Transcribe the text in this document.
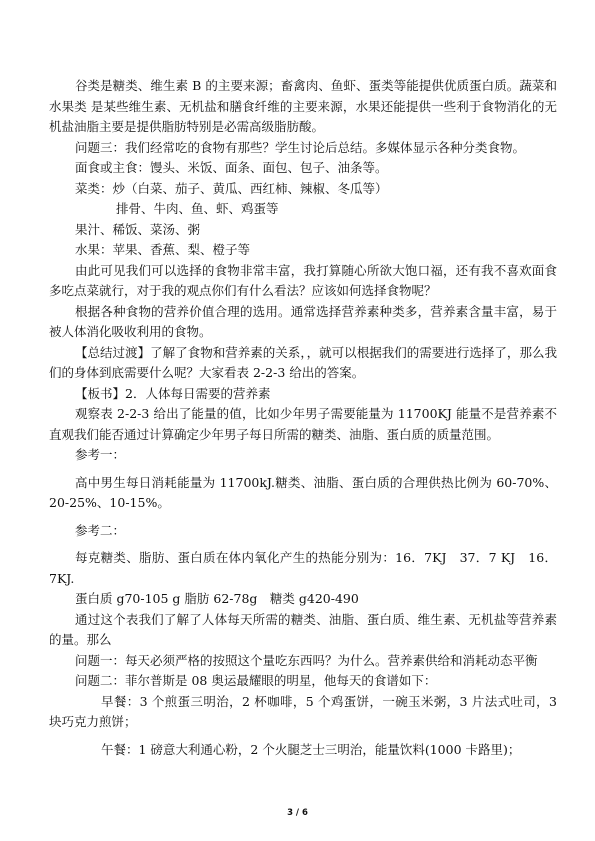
谷类是糖类、维生素 B 的主要来源；畜禽肉、鱼虾、蛋类等能提供优质蛋白质。蔬菜和水果类 是某些维生素、无机盐和膳食纤维的主要来源，水果还能提供一些利于食物消化的无机盐油脂主要是提供脂肪特别是必需高级脂肪酸。

问题三：我们经常吃的食物有那些？学生讨论后总结。多媒体显示各种分类食物。

面食或主食：馒头、米饭、面条、面包、包子、油条等。

菜类：炒（白菜、茄子、黄瓜、西红柿、辣椒、冬瓜等）

排骨、牛肉、鱼、虾、鸡蛋等

果汁、稀饭、菜汤、粥

水果：苹果、香蕉、梨、橙子等

由此可见我们可以选择的食物非常丰富，我打算随心所欲大饱口福，还有我不喜欢面食多吃点菜就行，对于我的观点你们有什么看法？应该如何选择食物呢？

根据各种食物的营养价值合理的选用。通常选择营养素种类多，营养素含量丰富，易于被人体消化吸收利用的食物。

【总结过渡】了解了食物和营养素的关系，，就可以根据我们的需要进行选择了，那么我们的身体到底需要什么呢？大家看表 2-2-3 给出的答案。

【板书】2．人体每日需要的营养素

观察表 2-2-3 给出了能量的值，比如少年男子需要能量为 11700KJ 能量不是营养素不直观我们能否通过计算确定少年男子每日所需的糖类、油脂、蛋白质的质量范围。

参考一：

高中男生每日消耗能量为 11700kJ.糖类、油脂、蛋白质的合理供热比例为 60-70%、20-25%、10-15%。

参考二：

每克糖类、脂肪、蛋白质在体内氧化产生的热能分别为：16．7KJ　37．7 KJ　16．7KJ.

蛋白质 g70-105 g 脂肪 62-78g　糖类 g420-490

通过这个表我们了解了人体每天所需的糖类、油脂、蛋白质、维生素、无机盐等营养素的量。那么

问题一：每天必须严格的按照这个量吃东西吗？为什么。营养素供给和消耗动态平衡

问题二：菲尔普斯是 08 奥运最耀眼的明星，他每天的食谱如下：

早餐：3 个煎蛋三明治，2 杯咖啡，5 个鸡蛋饼，一碗玉米粥，3 片法式吐司，3 块巧克力煎饼；

午餐：1 磅意大利通心粉，2 个火腿芝士三明治，能量饮料(1000 卡路里)；

3 / 6
